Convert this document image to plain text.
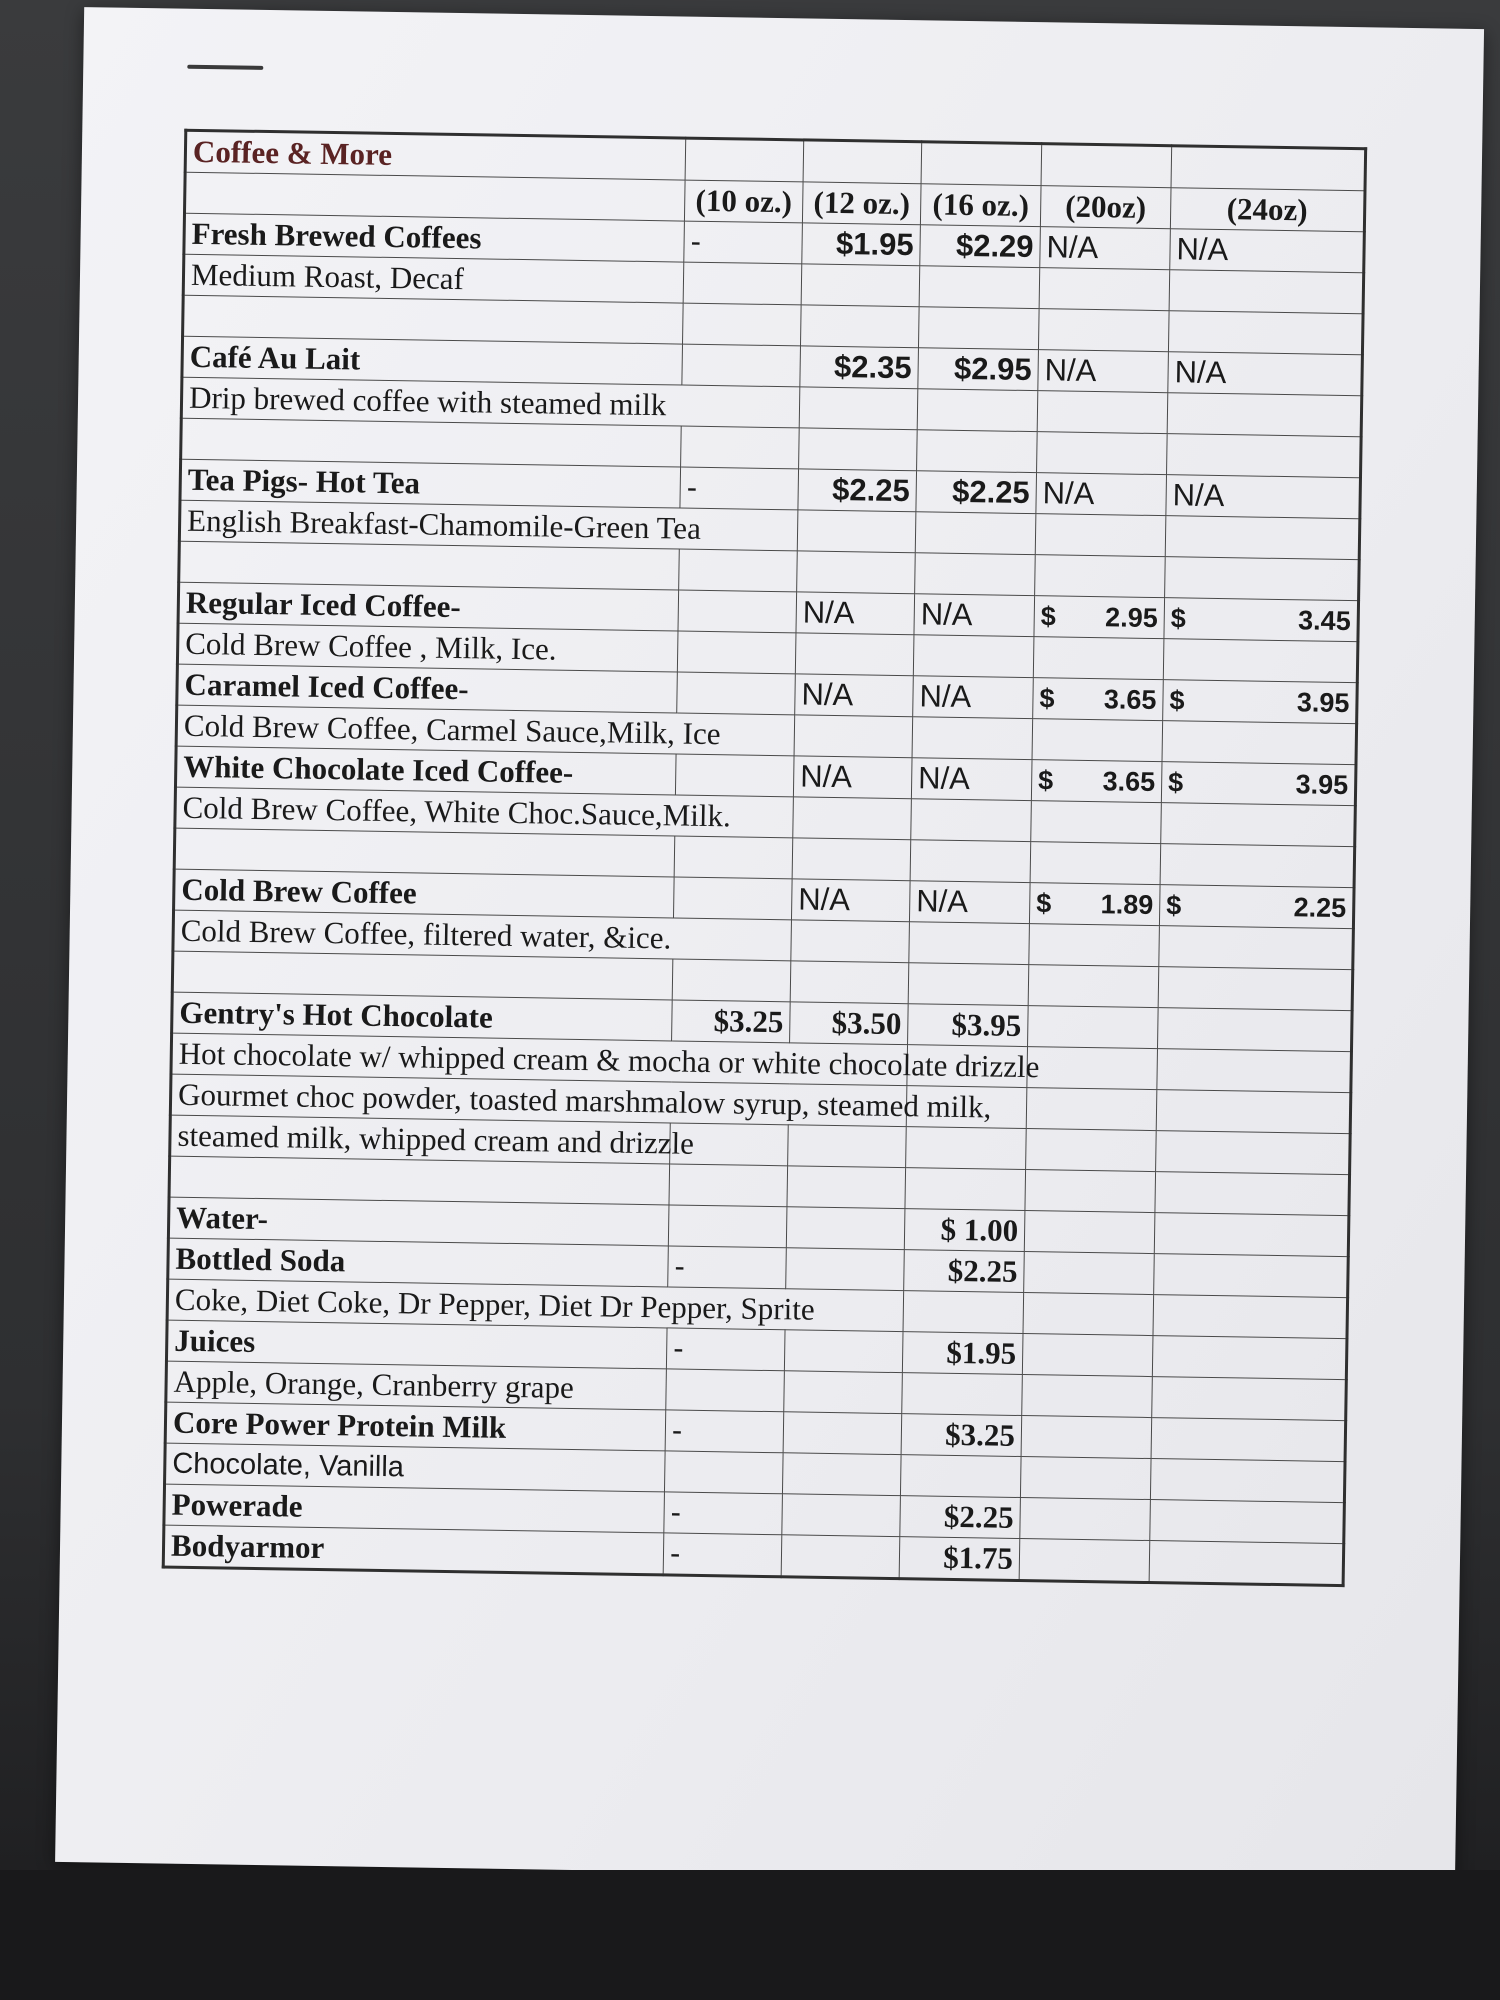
Coffee & More					
	(10 oz.)	(12 oz.)	(16 oz.)	(20oz)	(24oz)
Fresh Brewed Coffees	-	$1.95	$2.29	N/A	N/A
Medium Roast, Decaf					

Café Au Lait		$2.35	$2.95	N/A	N/A
Drip brewed coffee with steamed milk					

Tea Pigs- Hot Tea	-	$2.25	$2.25	N/A	N/A
English Breakfast-Chamomile-Green Tea					

Regular Iced Coffee-		N/A	N/A	$ 2.95	$ 3.45

Cold Brew Coffee , Milk, Ice.					
Caramel Iced Coffee-		N/A	N/A	$ 3.65	$ 3.95

Cold Brew Coffee, Carmel Sauce,Milk, Ice					
White Chocolate Iced Coffee-		N/A	N/A	$ 3.65	$ 3.95

Cold Brew Coffee, White Choc.Sauce,Milk.					

Cold Brew Coffee		N/A	N/A	$ 1.89	$ 2.25

Cold Brew Coffee, filtered water, &ice.					

Gentry's Hot Chocolate	$3.25	$3.50	$3.95		
Hot chocolate w/ whipped cream & mocha or white chocolate drizzle					
Gourmet choc powder, toasted marshmalow syrup, steamed milk,					
steamed milk, whipped cream and drizzle					

Water-			$ 1.00		
Bottled Soda	-		$2.25		
Coke, Diet Coke, Dr Pepper, Diet Dr Pepper, Sprite					
Juices	-		$1.95		
Apple, Orange, Cranberry grape					
Core Power Protein Milk	-		$3.25		
Chocolate, Vanilla					
Powerade	-		$2.25		
Bodyarmor	-		$1.75		
